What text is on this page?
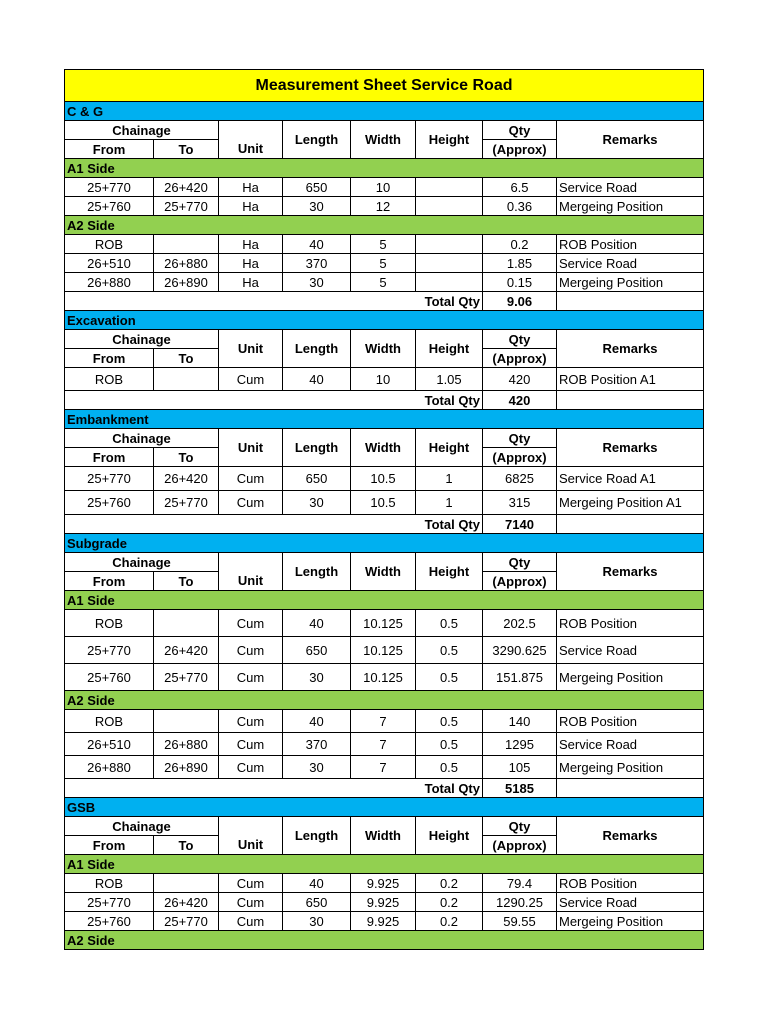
Measurement Sheet Service Road							
C & G							
Chainage			Length	Width	Height	Qty	Remarks
From	To	Unit				(Approx)	
A1 Side							
25+770	26+420	Ha	650	10		6.5	Service Road
25+760	25+770	Ha	30	12		0.36	Mergeing Position
A2 Side							
ROB		Ha	40	5		0.2	ROB Position
26+510	26+880	Ha	370	5		1.85	Service Road
26+880	26+890	Ha	30	5		0.15	Mergeing Position
Total Qty						9.06	
Excavation							
Chainage		Unit	Length	Width	Height	Qty	Remarks
From	To					(Approx)	
ROB		Cum	40	10	1.05	420	ROB Position A1
Total Qty						420	
Embankment							
Chainage		Unit	Length	Width	Height	Qty	Remarks
From	To					(Approx)	
25+770	26+420	Cum	650	10.5	1	6825	Service Road A1
25+760	25+770	Cum	30	10.5	1	315	Mergeing Position A1
Total Qty						7140	
Subgrade							
Chainage			Length	Width	Height	Qty	Remarks
From	To	Unit				(Approx)	
A1 Side							
ROB		Cum	40	10.125	0.5	202.5	ROB Position
25+770	26+420	Cum	650	10.125	0.5	3290.625	Service Road
25+760	25+770	Cum	30	10.125	0.5	151.875	Mergeing Position
A2 Side							
ROB		Cum	40	7	0.5	140	ROB Position
26+510	26+880	Cum	370	7	0.5	1295	Service Road
26+880	26+890	Cum	30	7	0.5	105	Mergeing Position
Total Qty						5185	
GSB							
Chainage			Length	Width	Height	Qty	Remarks
From	To	Unit				(Approx)	
A1 Side							
ROB		Cum	40	9.925	0.2	79.4	ROB Position
25+770	26+420	Cum	650	9.925	0.2	1290.25	Service Road
25+760	25+770	Cum	30	9.925	0.2	59.55	Mergeing Position
A2 Side							
